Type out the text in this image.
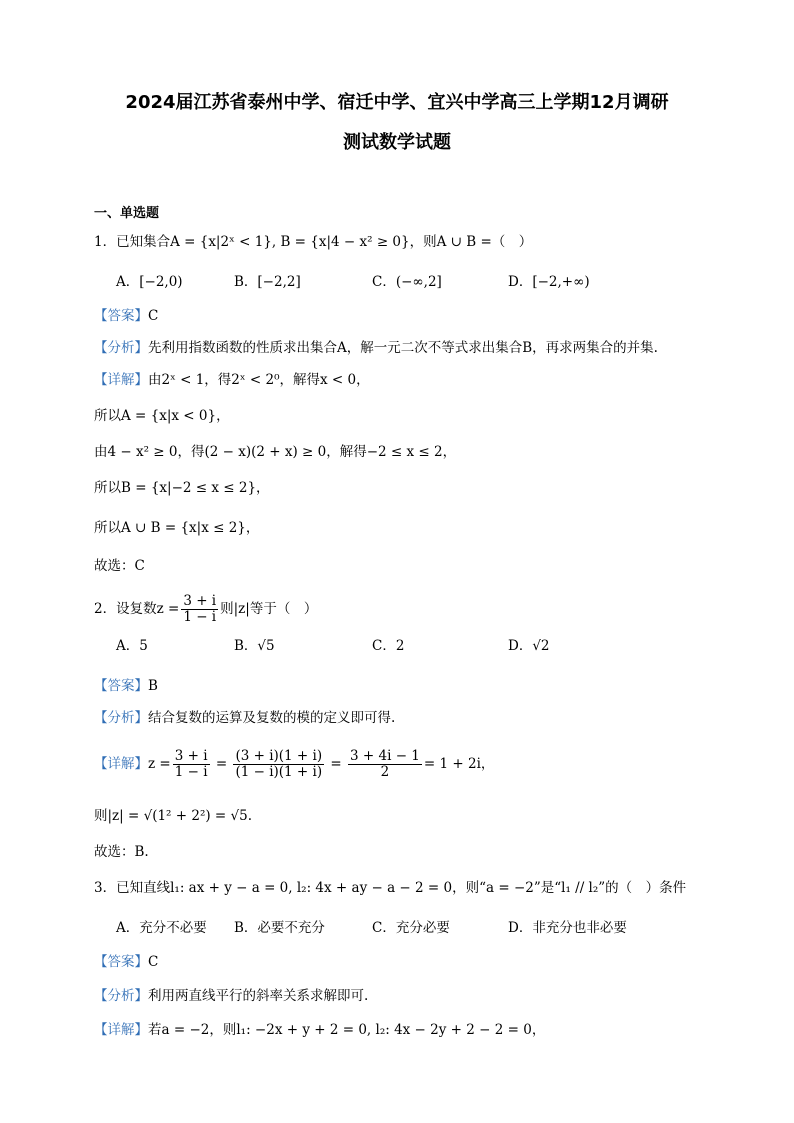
2024届江苏省泰州中学、宿迁中学、宜兴中学高三上学期12月调研
测试数学试题
一、单选题
1．已知集合A = {x|2ˣ < 1}, B = {x|4 − x² ≥ 0}，则A ∪ B =（　）
A．[−2,0)	B．[−2,2]	C．(−∞,2]	D．[−2,+∞)
【答案】C
【分析】先利用指数函数的性质求出集合A，解一元二次不等式求出集合B，再求两集合的并集.
【详解】由2ˣ < 1，得2ˣ < 2⁰，解得x < 0，
所以A = {x|x < 0}，
由4 − x² ≥ 0，得(2 − x)(2 + x) ≥ 0，解得−2 ≤ x ≤ 2，
所以B = {x|−2 ≤ x ≤ 2}，
所以A ∪ B = {x|x ≤ 2}，
故选：C
2．设复数$z = \frac{3 + i}{1 - i}$ 则|z|等于（　）
A．5	B．√5	C．2	D．√2
【答案】B
【分析】结合复数的运算及复数的模的定义即可得.
【详解】$z = \frac{3 + i}{1 - i} = \frac{(3 + i)(1 + i)}{(1 - i)(1 + i)} = \frac{3 + 4i - 1}{2} = 1 + 2i$，
则|z| = √(1² + 2²) = √5.
故选：B.
3．已知直线l₁: ax + y − a = 0, l₂: 4x + ay − a − 2 = 0，则“a = −2”是“l₁ // l₂”的（　）条件
A．充分不必要 B．必要不充分	C．充分必要	D．非充分也非必要
【答案】C
【分析】利用两直线平行的斜率关系求解即可.
【详解】若a = −2，则l₁: −2x + y + 2 = 0, l₂: 4x − 2y + 2 − 2 = 0，
